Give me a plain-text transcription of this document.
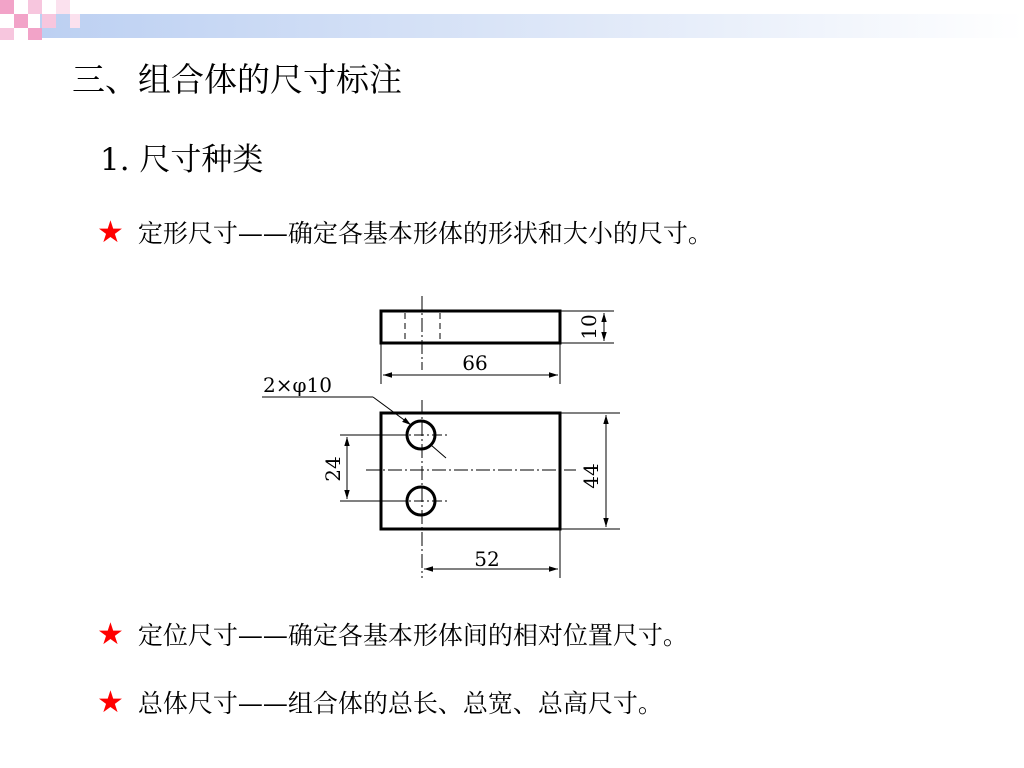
三、组合体的尺寸标注
1. 尺寸种类
★ 定形尺寸——确定各基本形体的形状和大小的尺寸。
10
66
2×φ10
24	44
52
★ 定位尺寸——确定各基本形体间的相对位置尺寸。
★ 总体尺寸——组合体的总长、总宽、总高尺寸。
